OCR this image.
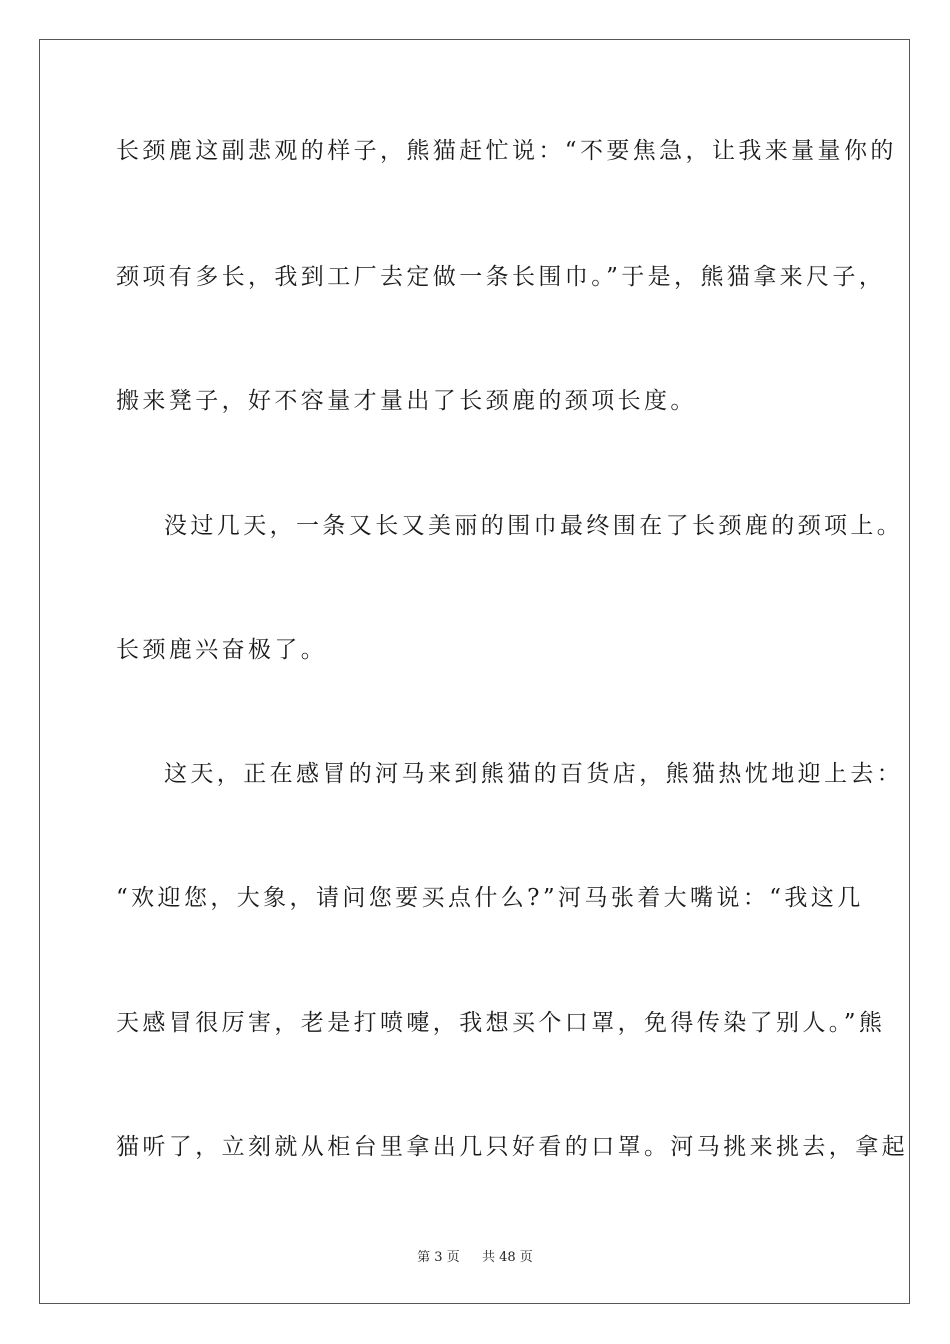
长颈鹿这副悲观的样子，熊猫赶忙说：“不要焦急，让我来量量你的
颈项有多长，我到工厂去定做一条长围巾。”于是，熊猫拿来尺子，
搬来凳子，好不容量才量出了长颈鹿的颈项长度。
没过几天，一条又长又美丽的围巾最终围在了长颈鹿的颈项上。
长颈鹿兴奋极了。
这天，正在感冒的河马来到熊猫的百货店，熊猫热忱地迎上去：
“欢迎您，大象，请问您要买点什么?”河马张着大嘴说：“我这几
天感冒很厉害，老是打喷嚏，我想买个口罩，免得传染了别人。”熊
猫听了，立刻就从柜台里拿出几只好看的口罩。河马挑来挑去，拿起
第 3 页 共 48 页
